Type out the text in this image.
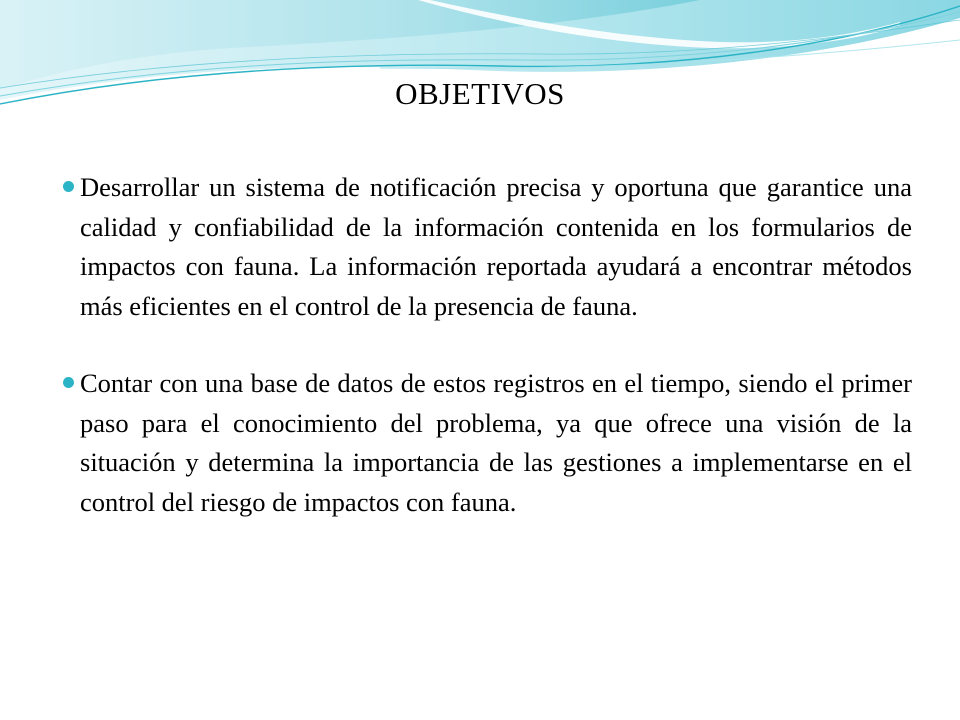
OBJETIVOS
Desarrollar un sistema de notificación precisa y oportuna que garantice una calidad y confiabilidad de la información contenida en los formularios de impactos con fauna. La información reportada ayudará a encontrar métodos más eficientes en el control de la presencia de fauna.
Contar con una base de datos de estos registros en el tiempo, siendo el primer paso para el conocimiento del problema, ya que ofrece una visión de la situación y determina la importancia de las gestiones a implementarse en el control del riesgo de impactos con fauna.
